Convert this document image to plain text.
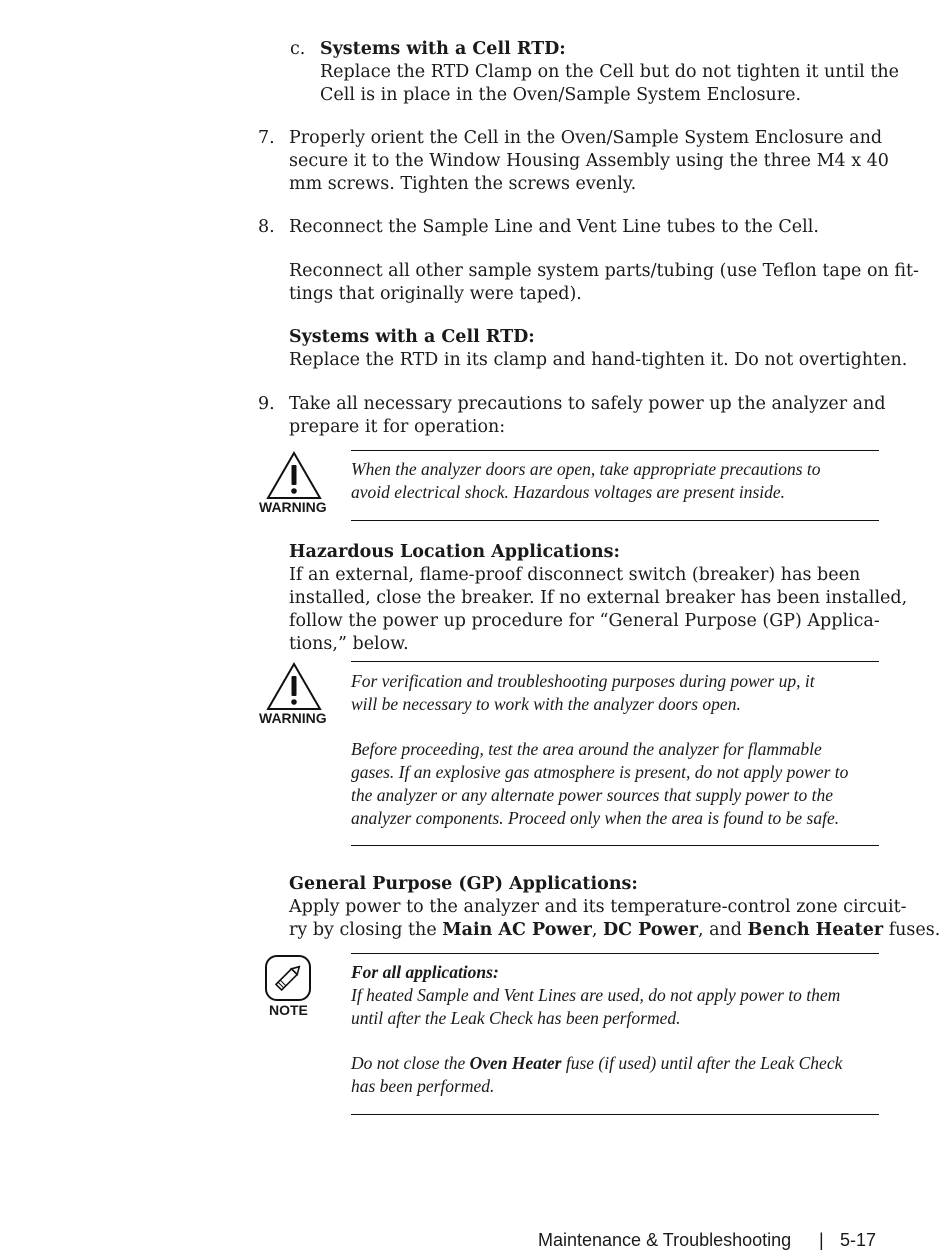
c. Systems with a Cell RTD:
Replace the RTD Clamp on the Cell but do not tighten it until the
Cell is in place in the Oven/Sample System Enclosure.
7. Properly orient the Cell in the Oven/Sample System Enclosure and
secure it to the Window Housing Assembly using the three M4 x 40
mm screws. Tighten the screws evenly.
8. Reconnect the Sample Line and Vent Line tubes to the Cell.
Reconnect all other sample system parts/tubing (use Teflon tape on fit-
tings that originally were taped).
Systems with a Cell RTD:
Replace the RTD in its clamp and hand-tighten it. Do not overtighten.
9. Take all necessary precautions to safely power up the analyzer and
prepare it for operation:
WARNING
When the analyzer doors are open, take appropriate precautions to
avoid electrical shock. Hazardous voltages are present inside.
Hazardous Location Applications:
If an external, flame-proof disconnect switch (breaker) has been
installed, close the breaker. If no external breaker has been installed,
follow the power up procedure for “General Purpose (GP) Applica-
tions,” below.
WARNING
For verification and troubleshooting purposes during power up, it
will be necessary to work with the analyzer doors open.
Before proceeding, test the area around the analyzer for flammable
gases. If an explosive gas atmosphere is present, do not apply power to
the analyzer or any alternate power sources that supply power to the
analyzer components. Proceed only when the area is found to be safe.
General Purpose (GP) Applications:
Apply power to the analyzer and its temperature-control zone circuit-
ry by closing the Main AC Power, DC Power, and Bench Heater fuses.
NOTE
For all applications:
If heated Sample and Vent Lines are used, do not apply power to them
until after the Leak Check has been performed.
Do not close the Oven Heater fuse (if used) until after the Leak Check
has been performed.
Maintenance & Troubleshooting | 5-17
